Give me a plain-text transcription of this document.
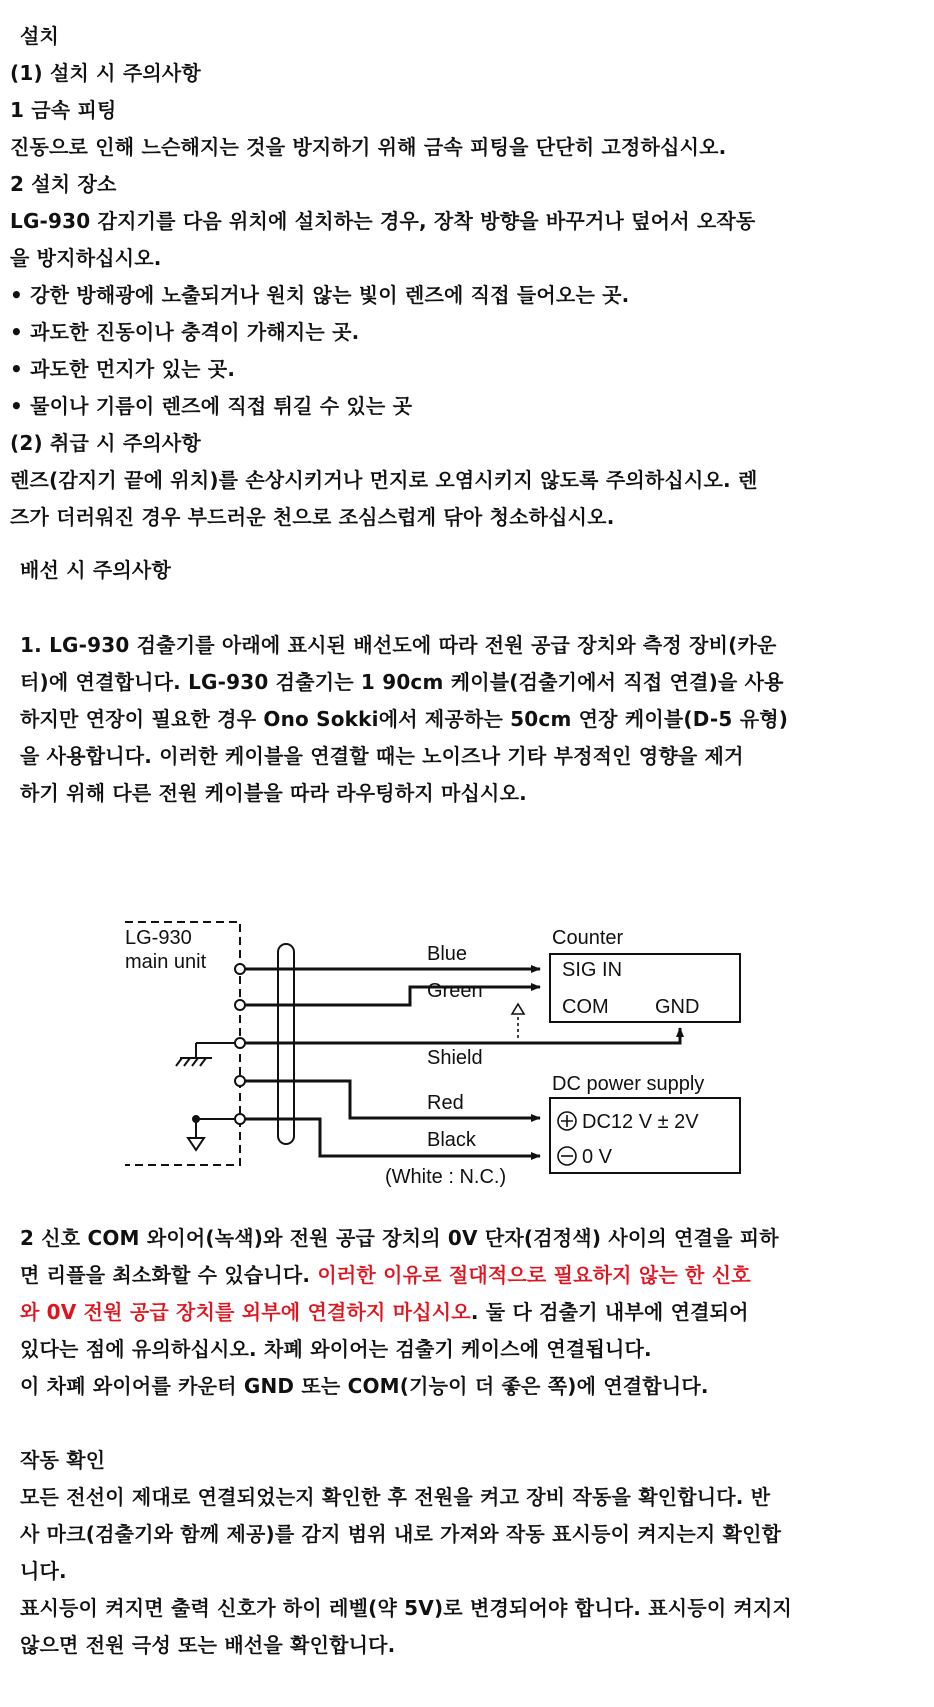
설치
(1) 설치 시 주의사항
1 금속 피팅
진동으로 인해 느슨해지는 것을 방지하기 위해 금속 피팅을 단단히 고정하십시오.
2 설치 장소
LG-930 감지기를 다음 위치에 설치하는 경우, 장착 방향을 바꾸거나 덮어서 오작동
을 방지하십시오.
• 강한 방해광에 노출되거나 원치 않는 빛이 렌즈에 직접 들어오는 곳.
• 과도한 진동이나 충격이 가해지는 곳.
• 과도한 먼지가 있는 곳.
• 물이나 기름이 렌즈에 직접 튀길 수 있는 곳
(2) 취급 시 주의사항
렌즈(감지기 끝에 위치)를 손상시키거나 먼지로 오염시키지 않도록 주의하십시오. 렌
즈가 더러워진 경우 부드러운 천으로 조심스럽게 닦아 청소하십시오.
배선 시 주의사항
1. LG-930 검출기를 아래에 표시된 배선도에 따라 전원 공급 장치와 측정 장비(카운
터)에 연결합니다. LG-930 검출기는 1 90cm 케이블(검출기에서 직접 연결)을 사용
하지만 연장이 필요한 경우 Ono Sokki에서 제공하는 50cm 연장 케이블(D-5 유형)
을 사용합니다. 이러한 케이블을 연결할 때는 노이즈나 기타 부정적인 영향을 제거
하기 위해 다른 전원 케이블을 따라 라우팅하지 마십시오.
LG-930
main unit	Blue
Green
Shield
Red
Black
(White : N.C.)
Counter
SIG IN
COM GND
DC power supply
DC12 V ± 2V
0 V
2 신호 COM 와이어(녹색)와 전원 공급 장치의 0V 단자(검정색) 사이의 연결을 피하
면 리플을 최소화할 수 있습니다. 이러한 이유로 절대적으로 필요하지 않는 한 신호
와 0V 전원 공급 장치를 외부에 연결하지 마십시오. 둘 다 검출기 내부에 연결되어
있다는 점에 유의하십시오. 차폐 와이어는 검출기 케이스에 연결됩니다.
이 차폐 와이어를 카운터 GND 또는 COM(기능이 더 좋은 쪽)에 연결합니다.
작동 확인
모든 전선이 제대로 연결되었는지 확인한 후 전원을 켜고 장비 작동을 확인합니다. 반
사 마크(검출기와 함께 제공)를 감지 범위 내로 가져와 작동 표시등이 켜지는지 확인합
니다.
표시등이 켜지면 출력 신호가 하이 레벨(약 5V)로 변경되어야 합니다. 표시등이 켜지지
않으면 전원 극성 또는 배선을 확인합니다.
